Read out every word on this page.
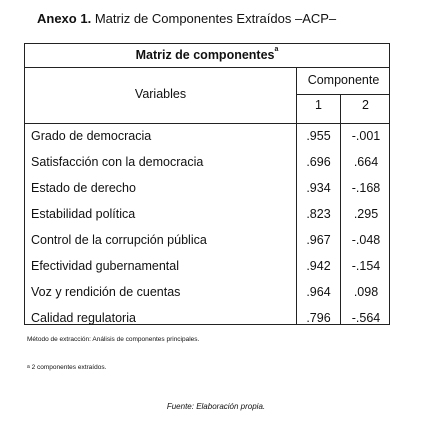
Anexo 1. Matriz de Componentes Extraídos –ACP–
Matriz de componentes$^a$
Variables
Componente
1	2
Grado de democracia	.955	-.001
Satisfacción con la democracia	.696	.664
Estado de derecho	.934	-.168
Estabilidad política	.823	.295
Control de la corrupción pública	.967	-.048
Efectividad gubernamental	.942	-.154
Voz y rendición de cuentas	.964	.098
Calidad regulatoria	.796	-.564
Método de extracción: Análisis de componentes principales.
$^a$ 2 componentes extraídos.
Fuente: Elaboración propia.
